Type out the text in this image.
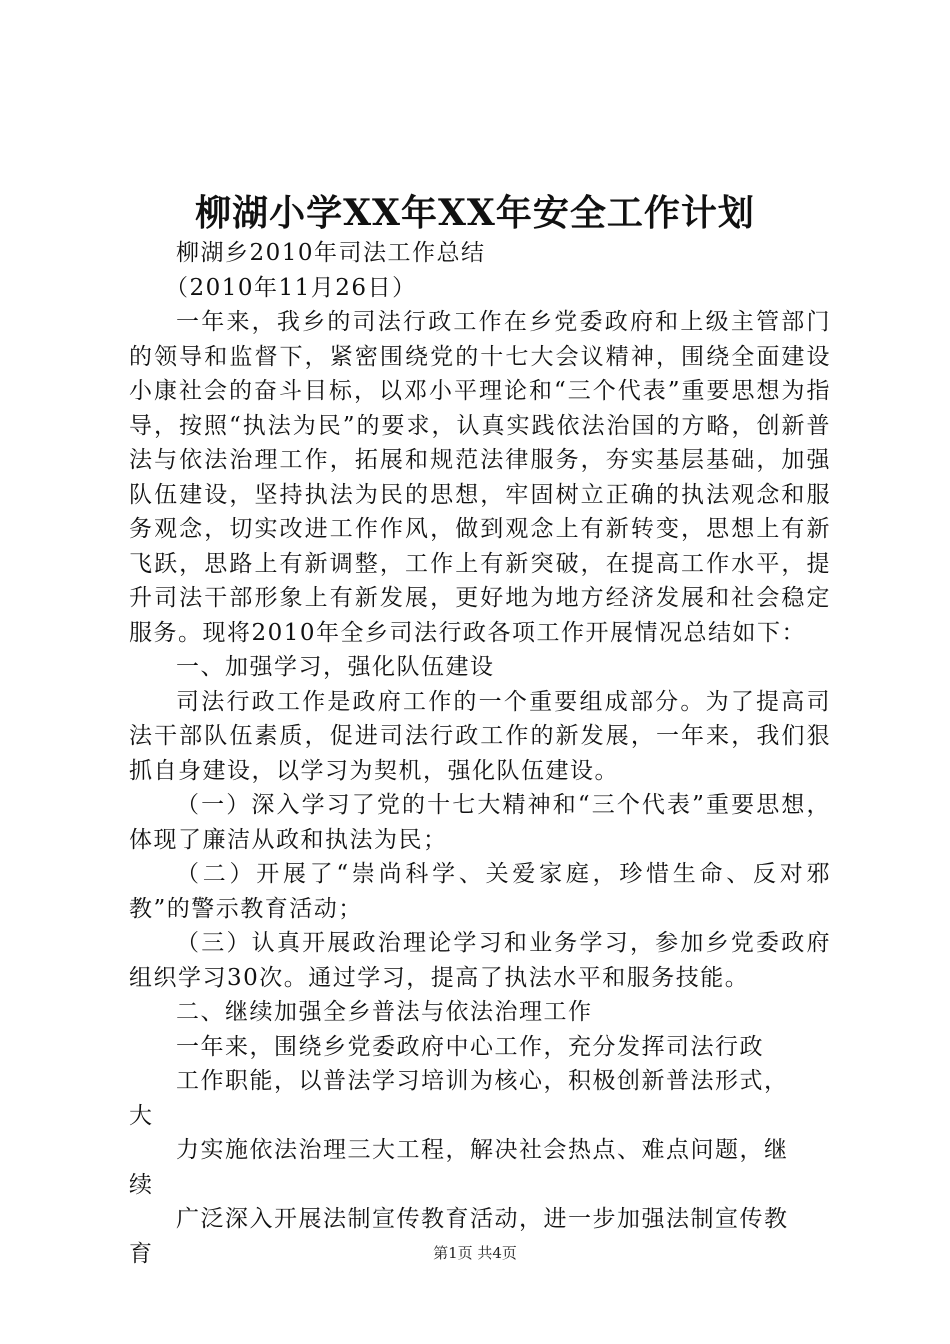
柳湖小学XX年XX年安全工作计划

柳湖乡2010年司法工作总结

（2010年11月26日）

一年来，我乡的司法行政工作在乡党委政府和上级主管部门的领导和监督下，紧密围绕党的十七大会议精神，围绕全面建设小康社会的奋斗目标，以邓小平理论和“三个代表”重要思想为指导，按照“执法为民”的要求，认真实践依法治国的方略，创新普法与依法治理工作，拓展和规范法律服务，夯实基层基础，加强队伍建设，坚持执法为民的思想，牢固树立正确的执法观念和服务观念，切实改进工作作风，做到观念上有新转变，思想上有新飞跃，思路上有新调整，工作上有新突破，在提高工作水平，提升司法干部形象上有新发展，更好地为地方经济发展和社会稳定服务。现将2010年全乡司法行政各项工作开展情况总结如下：

一、加强学习，强化队伍建设

司法行政工作是政府工作的一个重要组成部分。为了提高司法干部队伍素质，促进司法行政工作的新发展，一年来，我们狠抓自身建设，以学习为契机，强化队伍建设。

（一）深入学习了党的十七大精神和“三个代表”重要思想，体现了廉洁从政和执法为民；

（二）开展了“崇尚科学、关爱家庭，珍惜生命、反对邪教”的警示教育活动；

（三）认真开展政治理论学习和业务学习，参加乡党委政府组织学习30次。通过学习，提高了执法水平和服务技能。

二、继续加强全乡普法与依法治理工作

一年来，围绕乡党委政府中心工作，充分发挥司法行政

工作职能，以普法学习培训为核心，积极创新普法形式，
大

力实施依法治理三大工程，解决社会热点、难点问题，继
续

广泛深入开展法制宣传教育活动，进一步加强法制宣传教
育	第1页 共4页
